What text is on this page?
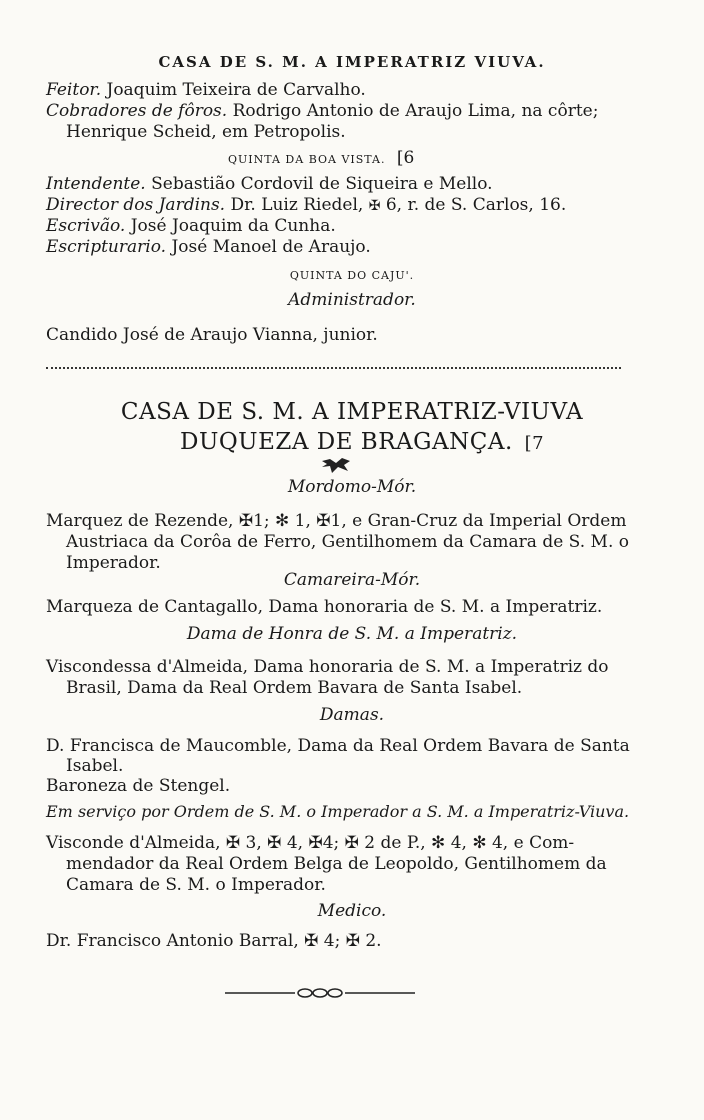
CASA DE S. M. A IMPERATRIZ VIUVA.
Feitor. Joaquim Teixeira de Carvalho.
Cobradores de fôros. Rodrigo Antonio de Araujo Lima, na côrte;
Henrique Scheid, em Petropolis.
QUINTA DA BOA VISTA. [6
Intendente. Sebastião Cordovil de Siqueira e Mello.
Director dos Jardins. Dr. Luiz Riedel, ✠ 6, r. de S. Carlos, 16.
Escrivão. José Joaquim da Cunha.
Escripturario. José Manoel de Araujo.
QUINTA DO CAJU'.
Administrador.
Candido José de Araujo Vianna, junior.
CASA DE S. M. A IMPERATRIZ-VIUVA
DUQUEZA DE BRAGANÇA. [7
Mordomo-Mór.
Marquez de Rezende, ✠1; ✻ 1, ✠1, e Gran-Cruz da Imperial Ordem
Austriaca da Corôa de Ferro, Gentilhomem da Camara de S. M. o
Imperador.
Camareira-Mór.
Marqueza de Cantagallo, Dama honoraria de S. M. a Imperatriz.
Dama de Honra de S. M. a Imperatriz.
Viscondessa d'Almeida, Dama honoraria de S. M. a Imperatriz do
Brasil, Dama da Real Ordem Bavara de Santa Isabel.
Damas.
D. Francisca de Maucomble, Dama da Real Ordem Bavara de Santa
Isabel.
Baroneza de Stengel.
Em serviço por Ordem de S. M. o Imperador a S. M. a Imperatriz-Viuva.
Visconde d'Almeida, ✠ 3, ✠ 4, ✠4; ✠ 2 de P., ✻ 4, ✻ 4, e Com-
mendador da Real Ordem Belga de Leopoldo, Gentilhomem da
Camara de S. M. o Imperador.
Medico.
Dr. Francisco Antonio Barral, ✠ 4; ✠ 2.
